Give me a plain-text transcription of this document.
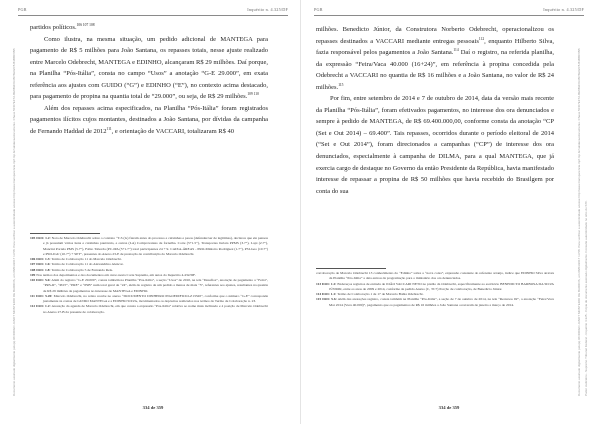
Documento assinado digitalmente pelo(a) RODRIGO JANOT MONTEIRO DE BARROS, em 08/03/2017 13:58. Para verificar a autenticidade acesse http://www.transparencia.mpf.mp.br/validacaodocumento. Chave 5CD7EF7A.BE8B3F03.BC5E02C5.B3BBC65B
PGR	Inquérito n. 4.325/DF

partidos políticos.$^{106 107 108}$

Como ilustra, na mesma situação, um pedido adicional de MANTEGA para pagamento de R$ 5 milhões para João Santana, os repasses totais, nesse ajuste realizado entre Marcelo Odebrecht, MANTEGA e EDINHO, alcançaram R$ 29 milhões. Daí porque, na Planilha “Pós-Itália”, consta no campo “Usos” a anotação “G-E 29.000”, em exata referência aos ajustes com GUIDO (“G”) e EDINHO (“E”), no contexto acima destacado, para pagamento de propina na quantia total de “29.000”, ou seja, de R$ 29 milhões.$^{109 110}$

Além dos repasses acima especificados, na Planilha “Pós-Itália” foram registrados pagamentos ilícitos cujos montantes, destinados a João Santana, por dívidas da campanha de Fernando Haddad de 2012$^{111}$, e orientação de VACCARI, totalizaram R$ 40

105 DOC 1.2: Nota de Marcelo Odebrecht sobre o contrato “T-S (G) fiaram antes do processo e caixinhas e pesos (defender/ser de legítimas), declarou que ele pensou e já possuíam vários itens e caixinhas pautáveis, e outras (LA) Comprovantes de fornalha. Corte (5+1.5”), Transportes Juriata PPMS (3.7”), Lopi (2.7”), Mancini Portela PMS (5.7”), Fabio Taborda (PC-IPA (5+1.7”) total participantes 24 + 9. CAIXA-ÁREAS - PRO-Ministro Rodriguez (1.7”), PSI-Geo (10.7”) e PSD-IGU (10.7”) + SPT”, presentes do Anexo 23-E de prestação de contribuição do Marcelo Odebrecht.

106 DOC 1.3: Termo de Colaboração 11 do Marcelo Odebrecht.

107 DOC 1.6: Termo de Colaboração 11 do Alexandrino Alencar.

108 DOC 1.8: Termo de Colaboração 5 de Fernando Reis.

109 Nos termos dos depoimentos e dos documentos em curso nesta Corte Suprema, em autos do Inquérito 4.432/DF.

110 DOC 5.6: Além do registro “G-E 29.000”, consta também na Planilha “Pós-Itália”, a seção “Usos” de 2010, na tela “Desafios”, anotação de pagamento a “Feira”, “PRS-R”, “POT”, “PRE” e “PSB” num total geral de “24”, além do registro de um pedido a menos de mais “5”, referentes aos ajustes, resultantes na quantia de R$ 29 milhões de pagamentos no interesse de MANTEGA e EDINHO.

111 DOC 5.20: Marcelo Odebrecht, no relato recebe no anexo “DOCUMENTO DINHEIRO PIGOEDIFICIO-Z13320”, conforme que o número “G-E” corresponde justamente às contas de GUIDO MANTEGA e a EDINHO SILVA, movimentados os depósitos realizados nos termos do Termo de Colaboração n. 23.

112 DOC 1.2: Anotação da agenda de Marcelo Odebrecht, em que consta a expressão “Pós-Itália” relativa ao nome mais inclinado e à posição de Marcelo Odebrecht no Anexo 27-B da presente de colaboração.

334 de 359
Documento assinado digitalmente pelo(a) RODRIGO JANOT MONTEIRO DE BARROS, em 08/03/2017 13:58. Para verificar a autenticidade acesse http://www.transparencia.mpf.mp.br/validacaodocumento. Chave 5CD7EF7A.BE8B3F03.BC5E02C5.B3BBC65B	Poder Judiciário - Supremo Tribunal Federal - Inquérito 4.325 - Cópia de documento assinado digitalmente. Consulte autenticidade no sítio do STF.
PGR	Inquérito n. 4.325/DF

milhões. Benedicto Júnior, da Construtora Norberto Odebrecht, operacionalizou os repasses destinados a VACCARI mediante entregas pessoais$^{112}$, enquanto Hilberto Silva, fazia responsável pelos pagamentos a João Santana.$^{114}$ Daí o registro, na referida planilha, da expressão “Feira/Vaca 40.000 (16+24)”, em referência à propina concedida pela Odebrecht a VACCARI no quantia de R$ 16 milhões e a João Santana, no valor de R$ 24 milhões.$^{115}$

Por fim, entre setembro de 2014 e 7 de outubro de 2014, data da versão mais recente da Planilha “Pós-Itália”, foram efetivados pagamentos, no interesse dos ora denunciados e sempre à pedido de MANTEGA, de R$ 69.400.000,00, conforme consta da anotação “CP (Set e Out 2014) – 69.400”. Tais repasses, ocorridos durante o período eleitoral de 2014 (“Set e Out 2014”), foram direcionados a campanhas (“CP”) de interesse dos ora denunciados, especialmente à campanha de DILMA, para a qual MANTEGA, que já exercia cargo de destaque no Governo da então Presidente da República, havia manifestado interesse de repassar a propina de R$ 50 milhões que havia recebido do Brasilgem por conta do sua

corroboração de Marcelo Odebrecht 13 conhecimento do “Edinho” sobre a “nova coisa”, expressão constante do referente arranjo, índice que EDINHO Silva através da Planilha “Pós-Itália” a data entrou da programação para o ministério dos ora denunciados.

113 DOC 1.2: Endereços registros de entrada de JOÃO VACCARI NETO no prédio da Odebrecht, especificamente ao escritório BENEDICTO BARBOSA DA SILVA JÚNIOR, entre os anos de 2009 e 2014, conforme de pedido Anexo (C, TC7) Porção de colaboração, de Benedicto Júnior.

114 DOC 1.2: Termo de Colaboração 1 de 17 de Marcelo Bahia Odebrecht.

115 DOC 5.6: Além das anotações registro, consta também na Planilha “Pós-Itália”, a seção de 7 de outubro de 2014, na tela “Recursos 02”, a anotação “Feira/Vaca Mar 2014 (Vaca 40.000)”, pagamento que os pagamentos de R$ 16 milhões a João Santana ocorreram de janeiro a março de 2014.

334 de 359
